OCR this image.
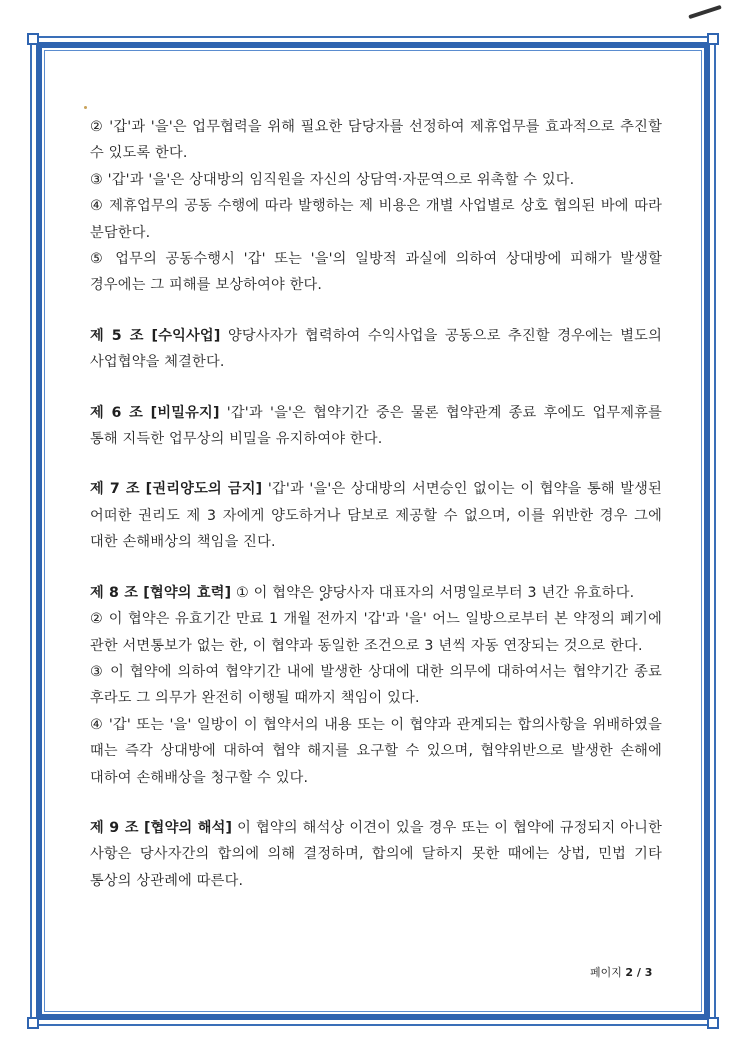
② '갑'과 '을'은 업무협력을 위해 필요한 담당자를 선정하여 제휴업무를 효과적으로 추진할 수 있도록 한다.

③ '갑'과 '을'은 상대방의 임직원을 자신의 상담역·자문역으로 위촉할 수 있다.

④ 제휴업무의 공동 수행에 따라 발행하는 제 비용은 개별 사업별로 상호 협의된 바에 따라 분담한다.

⑤ 업무의 공동수행시 '갑' 또는 '을'의 일방적 과실에 의하여 상대방에 피해가 발생할 경우에는 그 피해를 보상하여야 한다.

제 5 조 [수익사업] 양당사자가 협력하여 수익사업을 공동으로 추진할 경우에는 별도의 사업협약을 체결한다.

제 6 조 [비밀유지] '갑'과 '을'은 협약기간 중은 물론 협약관계 종료 후에도 업무제휴를 통해 지득한 업무상의 비밀을 유지하여야 한다.

제 7 조 [권리양도의 금지] '갑'과 '을'은 상대방의 서면승인 없이는 이 협약을 통해 발생된 어떠한 권리도 제 3 자에게 양도하거나 담보로 제공할 수 없으며, 이를 위반한 경우 그에 대한 손해배상의 책임을 진다.

제 8 조 [협약의 효력] ① 이 협약은 양당사자 대표자의 서명일로부터 3 년간 유효하다.

② 이 협약은 유효기간 만료 1 개월 전까지 '갑'과 '을' 어느 일방으로부터 본 약정의 폐기에 관한 서면통보가 없는 한, 이 협약과 동일한 조건으로 3 년씩 자동 연장되는 것으로 한다.

③ 이 협약에 의하여 협약기간 내에 발생한 상대에 대한 의무에 대하여서는 협약기간 종료 후라도 그 의무가 완전히 이행될 때까지 책임이 있다.

④ '갑' 또는 '을' 일방이 이 협약서의 내용 또는 이 협약과 관계되는 합의사항을 위배하였을 때는 즉각 상대방에 대하여 협약 해지를 요구할 수 있으며, 협약위반으로 발생한 손해에 대하여 손해배상을 청구할 수 있다.

제 9 조 [협약의 해석] 이 협약의 해석상 이견이 있을 경우 또는 이 협약에 규정되지 아니한 사항은 당사자간의 합의에 의해 결정하며, 합의에 달하지 못한 때에는 상법, 민법 기타 통상의 상관례에 따른다.

페이지 2 / 3
